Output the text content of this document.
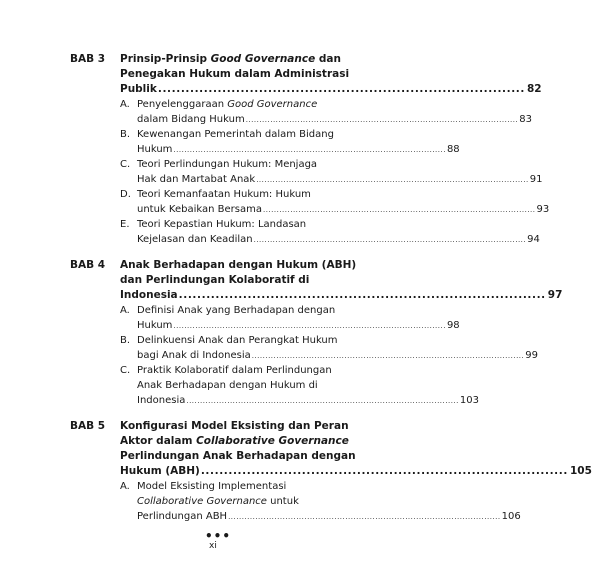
BAB 3 Prinsip-Prinsip Good Governance dan
Penegakan Hukum dalam Administrasi
Publik ................................................................................ 82
A. Penyelenggaraan Good Governance
dalam Bidang Hukum .................................................................................................... 83
B. Kewenangan Pemerintah dalam Bidang
Hukum .................................................................................................... 88
C. Teori Perlindungan Hukum: Menjaga
Hak dan Martabat Anak .................................................................................................... 91
D. Teori Kemanfaatan Hukum: Hukum
untuk Kebaikan Bersama .................................................................................................... 93
E. Teori Kepastian Hukum: Landasan
Kejelasan dan Keadilan .................................................................................................... 94
BAB 4 Anak Berhadapan dengan Hukum (ABH)
dan Perlindungan Kolaboratif di
Indonesia ................................................................................ 97
A. Definisi Anak yang Berhadapan dengan
Hukum .................................................................................................... 98
B. Delinkuensi Anak dan Perangkat Hukum
bagi Anak di Indonesia .................................................................................................... 99
C. Praktik Kolaboratif dalam Perlindungan
Anak Berhadapan dengan Hukum di
Indonesia .................................................................................................... 103
BAB 5 Konfigurasi Model Eksisting dan Peran
Aktor dalam Collaborative Governance
Perlindungan Anak Berhadapan dengan
Hukum (ABH) ................................................................................ 105
A. Model Eksisting Implementasi
Collaborative Governance untuk
Perlindungan ABH .................................................................................................... 106
•••
xi
